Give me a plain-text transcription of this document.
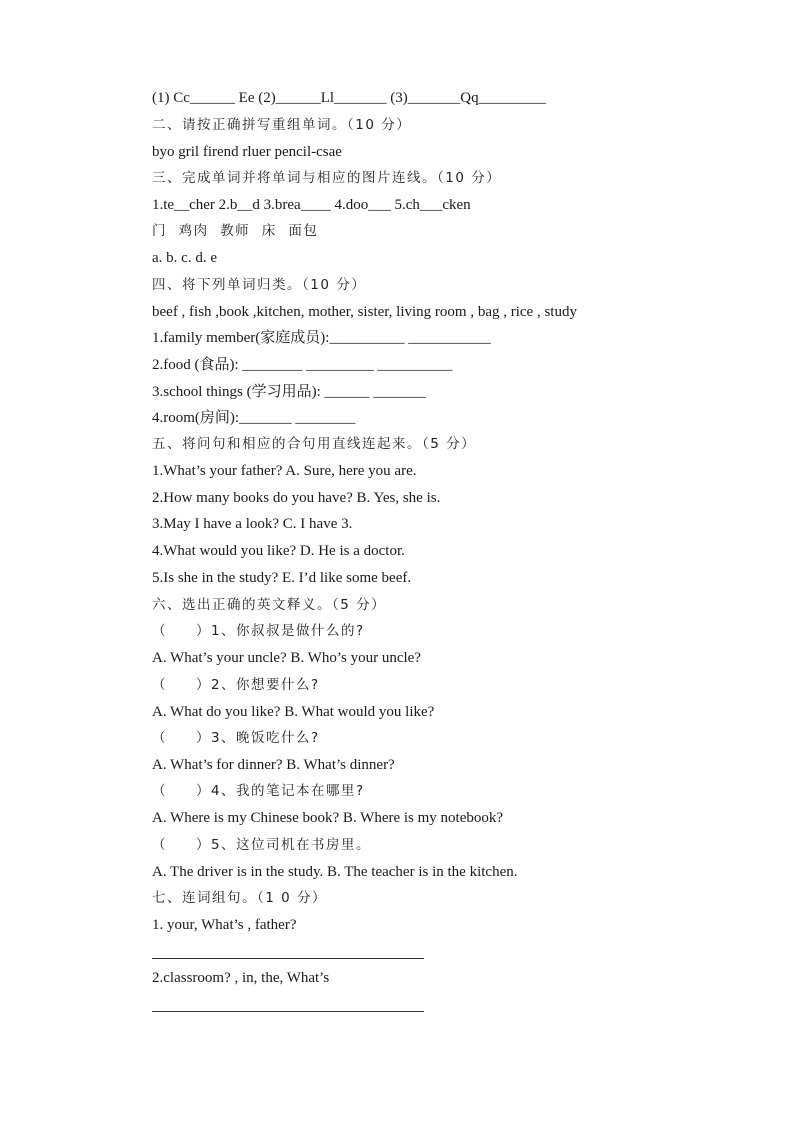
(1) Cc______ Ee (2)______Ll_______ (3)_______Qq_________
二、请按正确拼写重组单词。（10 分）
byo gril firend rluer pencil-csae
三、完成单词并将单词与相应的图片连线。（10 分）
1.te__cher 2.b__d 3.brea____ 4.doo___ 5.ch___cken
门  鸡肉  教师  床  面包
a. b. c. d. e
四、将下列单词归类。（10 分）
beef , fish ,book ,kitchen, mother, sister, living room , bag , rice , study
1.family member(家庭成员):__________ ___________
2.food (食品): ________ _________ __________
3.school things (学习用品): ______ _______
4.room(房间):_______ ________
五、将问句和相应的合句用直线连起来。（5 分）
1.What’s your father? A. Sure, here you are.
2.How many books do you have? B. Yes, she is.
3.May I have a look? C. I have 3.
4.What would you like? D. He is a doctor.
5.Is she in the study? E. I’d like some beef.
六、选出正确的英文释义。（5 分）
（     ）1、你叔叔是做什么的?
A. What’s your uncle? B. Who’s your uncle?
（     ）2、你想要什么?
A. What do you like? B. What would you like?
（     ）3、晚饭吃什么?
A. What’s for dinner? B. What’s dinner?
（     ）4、我的笔记本在哪里?
A. Where is my Chinese book? B. Where is my notebook?
（     ）5、这位司机在书房里。
A. The driver is in the study. B. The teacher is in the kitchen.
七、连词组句。（1 0 分）
1. your, What’s , father?
2.classroom? , in, the, What’s
